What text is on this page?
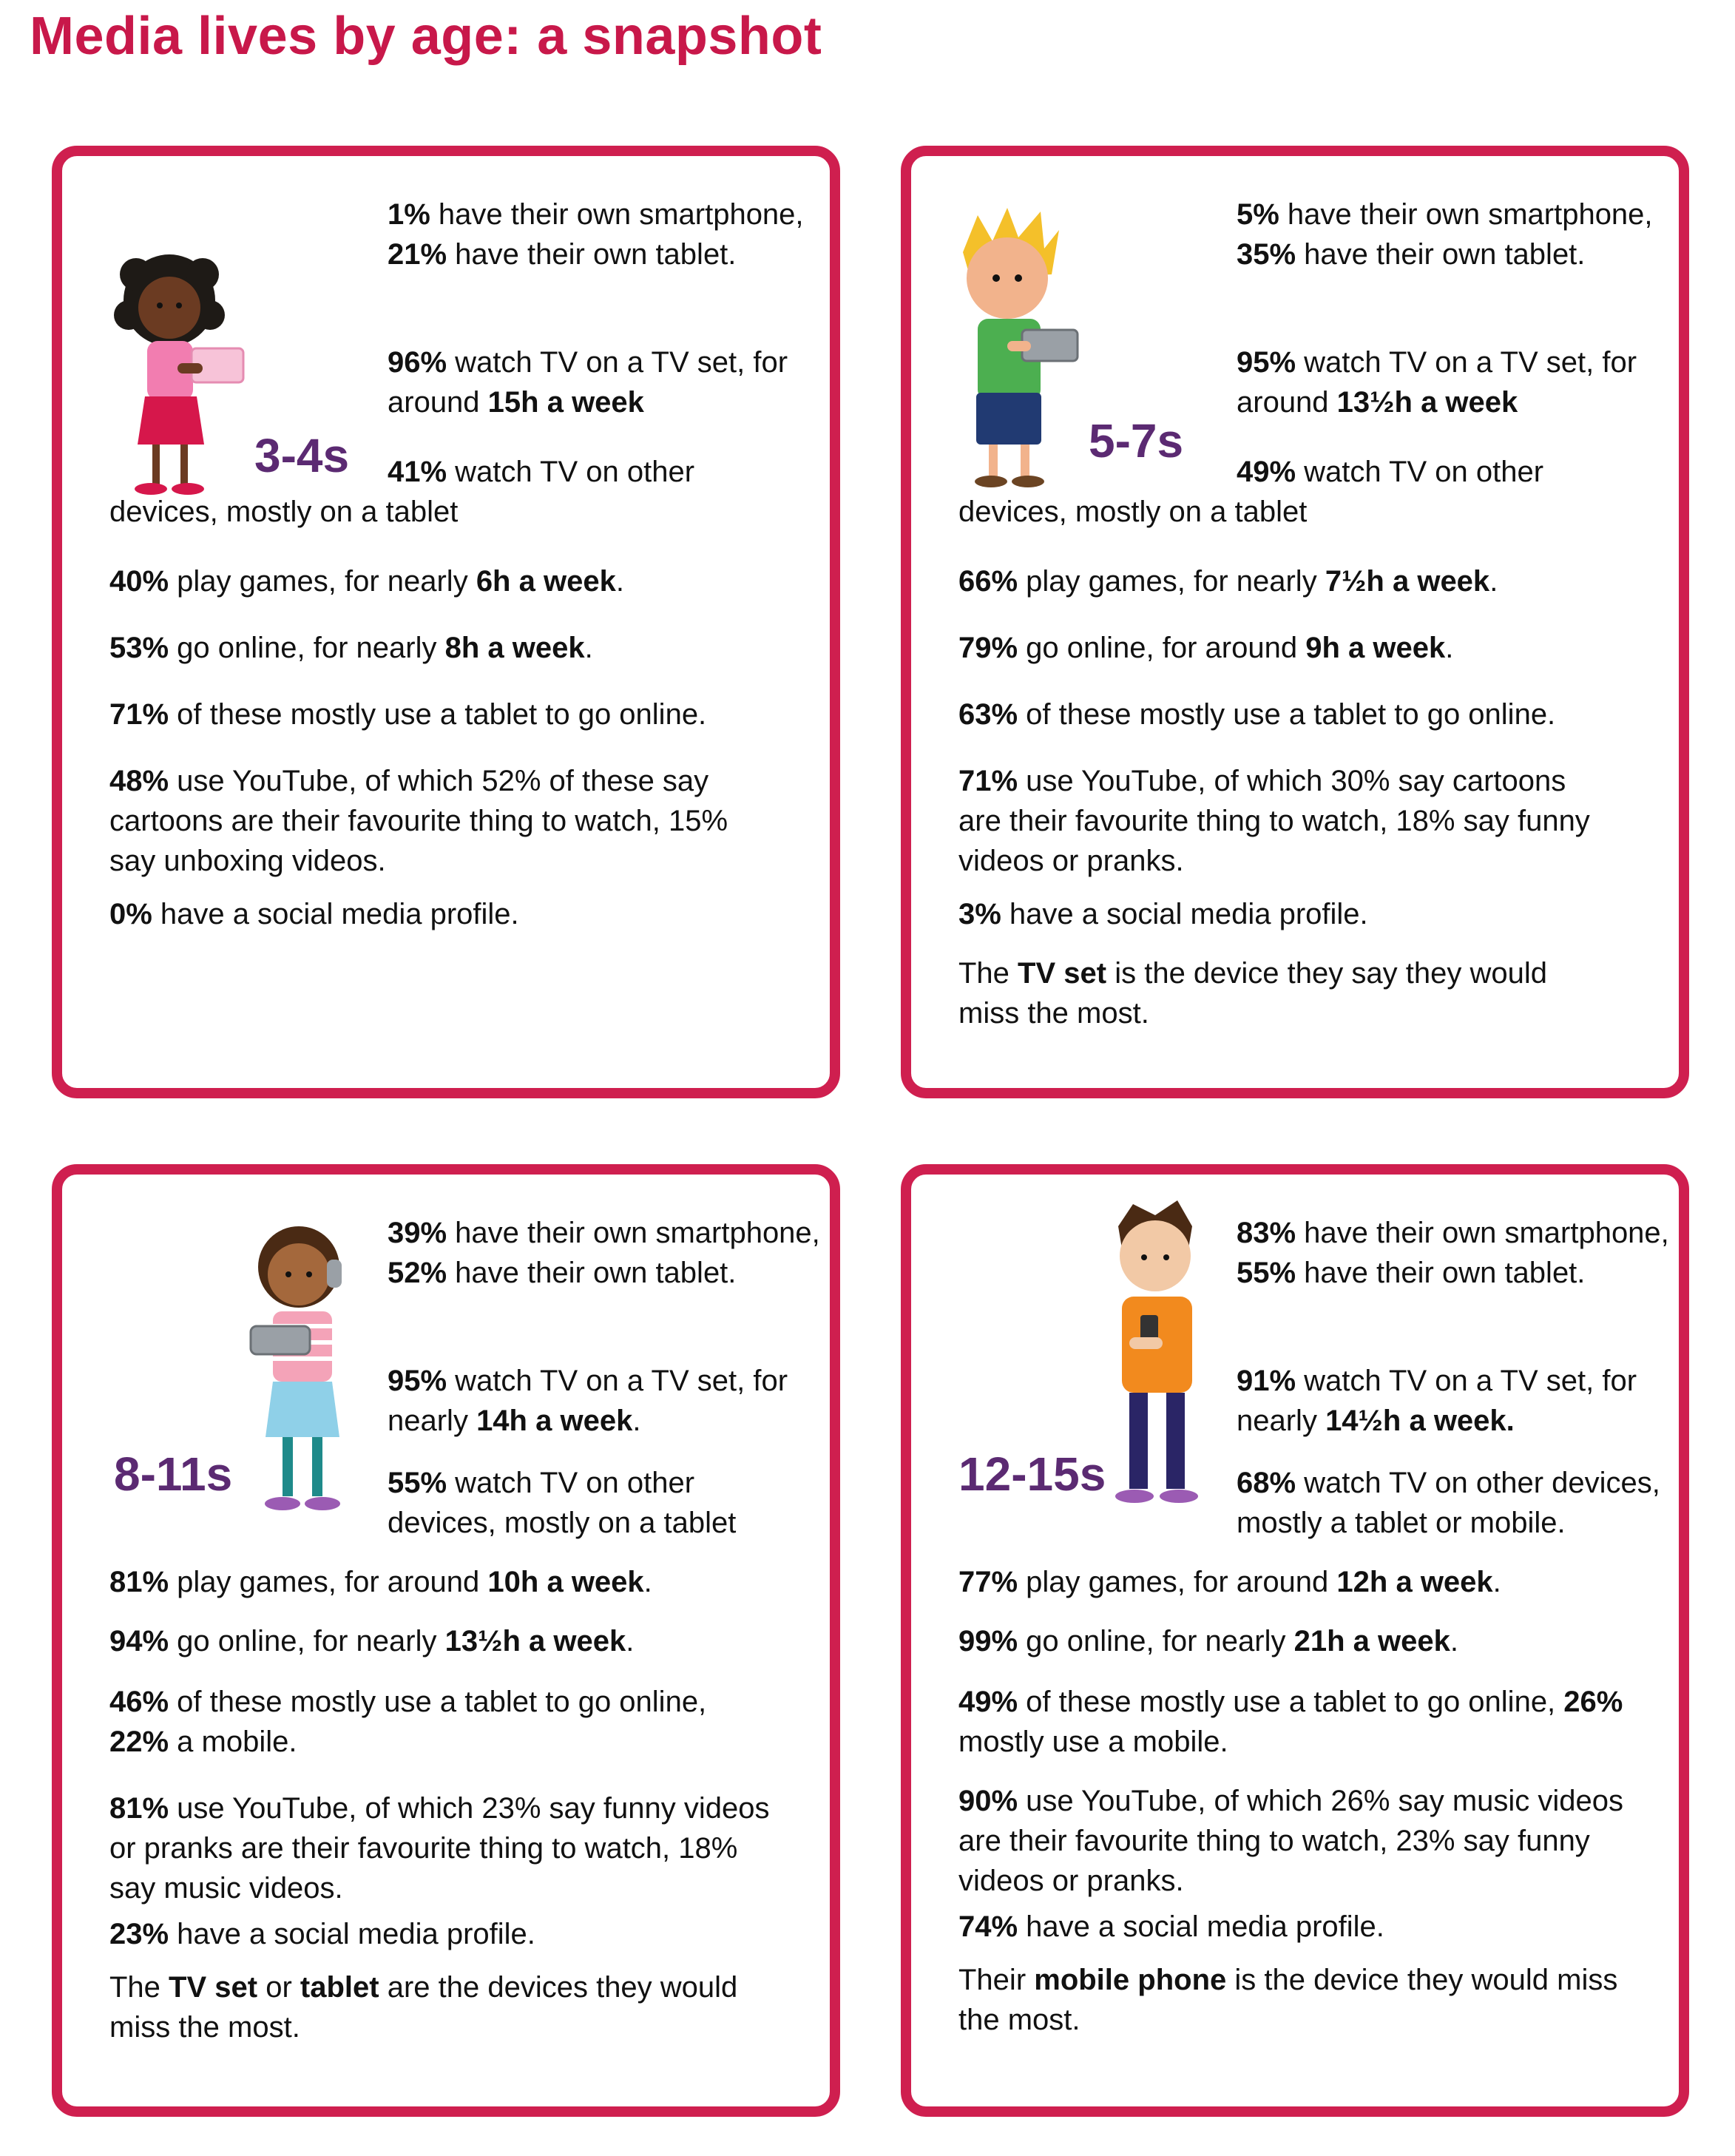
Media lives by age: a snapshot
3-4s
1% have their own smartphone, 21% have their own tablet.
96% watch TV on a TV set, for around 15h a week
41% watch TV on other devices, mostly on a tablet
40% play games, for nearly 6h a week.
53% go online, for nearly 8h a week.
71% of these mostly use a tablet to go online.
48% use YouTube, of which 52% of these say cartoons are their favourite thing to watch, 15% say unboxing videos.
0% have a social media profile.
5-7s
5% have their own smartphone, 35% have their own tablet.
95% watch TV on a TV set, for around 13½h a week
49% watch TV on other devices, mostly on a tablet
66% play games, for nearly 7½h a week.
79% go online, for around 9h a week.
63% of these mostly use a tablet to go online.
71% use YouTube, of which 30% say cartoons are their favourite thing to watch, 18% say funny videos or pranks.
3% have a social media profile.
The TV set is the device they say they would miss the most.
8-11s
39% have their own smartphone, 52% have their own tablet.
95% watch TV on a TV set, for nearly 14h a week.
55% watch TV on other devices, mostly on a tablet
81% play games, for around 10h a week.
94% go online, for nearly 13½h a week.
46% of these mostly use a tablet to go online, 22% a mobile.
81% use YouTube, of which 23% say funny videos or pranks are their favourite thing to watch, 18% say music videos.
23% have a social media profile.
The TV set or tablet are the devices they would miss the most.
12-15s
83% have their own smartphone, 55% have their own tablet.
91% watch TV on a TV set, for nearly 14½h a week.
68% watch TV on other devices, mostly a tablet or mobile.
77% play games, for around 12h a week.
99% go online, for nearly 21h a week.
49% of these mostly use a tablet to go online, 26% mostly use a mobile.
90% use YouTube, of which 26% say music videos are their favourite thing to watch, 23% say funny videos or pranks.
74% have a social media profile.
Their mobile phone is the device they would miss the most.
